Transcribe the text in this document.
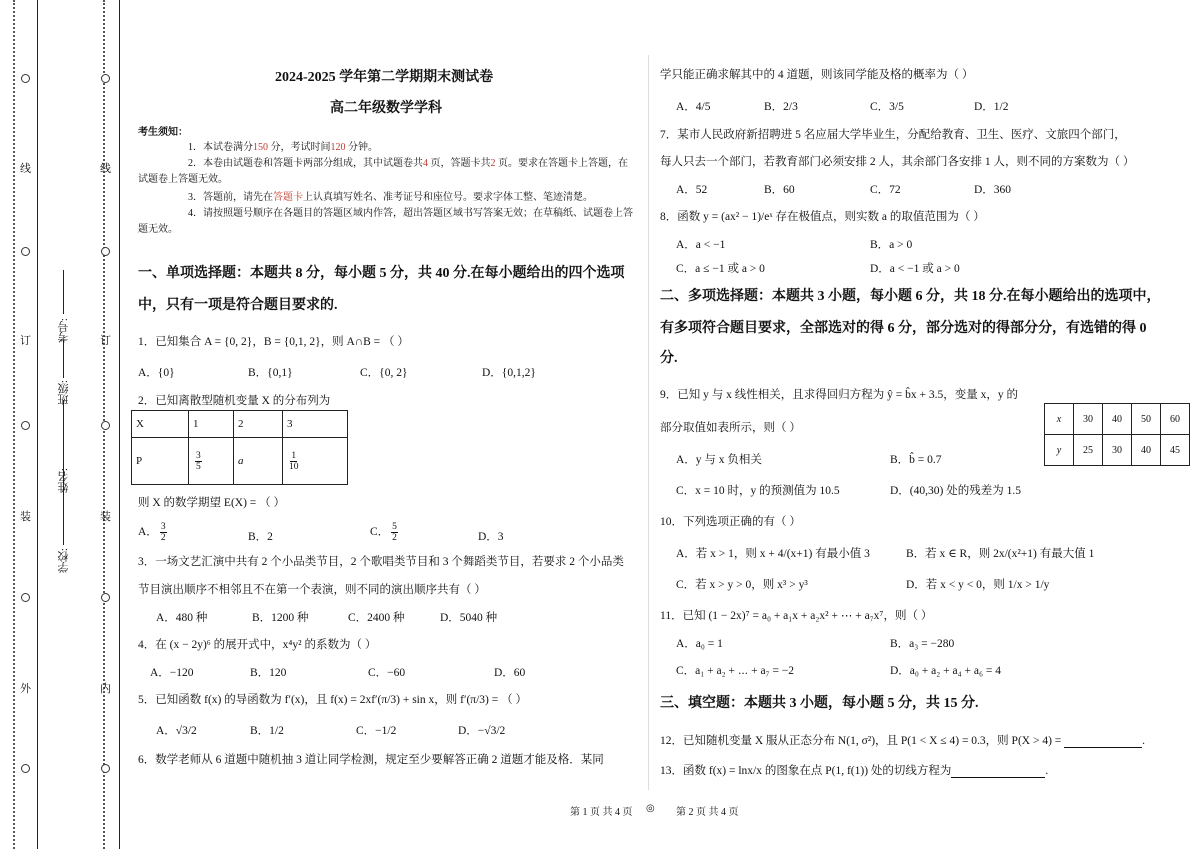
线
订
装
外
线
订
装
内
学校:
姓名:
班级:
考号:
2024-2025 学年第二学期期末测试卷
高二年级数学学科
考生须知：
1．本试卷满分150 分，考试时间120 分钟。
2．本卷由试题卷和答题卡两部分组成，其中试题卷共4 页，答题卡共2 页。要求在答题卡上答题，在
试题卷上答题无效。
3．答题前，请先在答题卡上认真填写姓名、准考证号和座位号。要求字体工整、笔迹清楚。
4．请按照题号顺序在各题目的答题区域内作答，超出答题区域书写答案无效；在草稿纸、试题卷上答
题无效。
一、单项选择题：本题共 8 分，每小题 5 分，共 40 分.在每小题给出的四个选项
中，只有一项是符合题目要求的.
1．已知集合 A = {0, 2}，B = {0,1, 2}，则 A∩B = （ ）
A．{0}	B．{0,1}	C．{0, 2}	D．{0,1,2}
2．已知离散型随机变量 X 的分布列为
X	1	2	3
P	$\frac{3}{5}$	a	$\frac{1}{10}$
则 X 的数学期望 E(X) = （ ）
A． $\frac{3}{2}$	B．2	C． $\frac{5}{2}$	D．3
3．一场文艺汇演中共有 2 个小品类节目，2 个歌唱类节目和 3 个舞蹈类节目，若要求 2 个小品类
节目演出顺序不相邻且不在第一个表演，则不同的演出顺序共有（ ）
A．480 种	B．1200 种	C．2400 种	D．5040 种
4．在 (x − 2y)⁶ 的展开式中，x⁴y² 的系数为（ ）
A．−120	B．120	C．−60	D．60
5．已知函数 f(x) 的导函数为 f′(x)，且 f(x) = 2xf′(π/3) + sin x，则 f′(π/3) = （ ）
A．√3/2	B．1/2	C．−1/2	D．−√3/2
6．数学老师从 6 道题中随机抽 3 道让同学检测，规定至少要解答正确 2 道题才能及格．某同
学只能正确求解其中的 4 道题，则该同学能及格的概率为（ ）
A．4/5	B．2/3	C．3/5	D．1/2
7．某市人民政府新招聘进 5 名应届大学毕业生，分配给教育、卫生、医疗、文旅四个部门，
每人只去一个部门，若教育部门必须安排 2 人，其余部门各安排 1 人，则不同的方案数为（ ）
A．52	B．60	C．72	D．360
8．函数 y = (ax² − 1)/eˣ 存在极值点，则实数 a 的取值范围为（ ）
A．a < −1	B．a > 0
C．a ≤ −1 或 a > 0	D．a < −1 或 a > 0
二、多项选择题：本题共 3 小题，每小题 6 分，共 18 分.在每小题给出的选项中，
有多项符合题目要求，全部选对的得 6 分，部分选对的得部分分，有选错的得 0
分.
9．已知 y 与 x 线性相关，且求得回归方程为 ŷ = b̂x + 3.5，变量 x，y 的
部分取值如表所示，则（ ）
x	30	40	50	60
y	25	30	40	45
A．y 与 x 负相关	B．b̂ = 0.7
C．x = 10 时，y 的预测值为 10.5	D．(40,30) 处的残差为 1.5
10．下列选项正确的有（ ）
A．若 x > 1，则 x + 4/(x+1) 有最小值 3	B．若 x ∈ R，则 2x/(x²+1) 有最大值 1
C．若 x > y > 0，则 x³ > y³	D．若 x < y < 0，则 1/x > 1/y
11．已知 (1 − 2x)⁷ = a₀ + a₁x + a₂x² + ⋯ + a₇x⁷，则（ ）
A．a₀ = 1	B．a₃ = −280
C．a₁ + a₂ + ⋯ + a₇ = −2	D．a₀ + a₂ + a₄ + a₆ = 4
三、填空题：本题共 3 小题，每小题 5 分，共 15 分.
12．已知随机变量 X 服从正态分布 N(1, σ²)，且 P(1 < X ≤ 4) = 0.3，则 P(X > 4) =	.
13．函数 f(x) = lnx/x 的图象在点 P(1, f(1)) 处的切线方程为	.
第 1 页 共 4 页 ◎ 第 2 页 共 4 页
